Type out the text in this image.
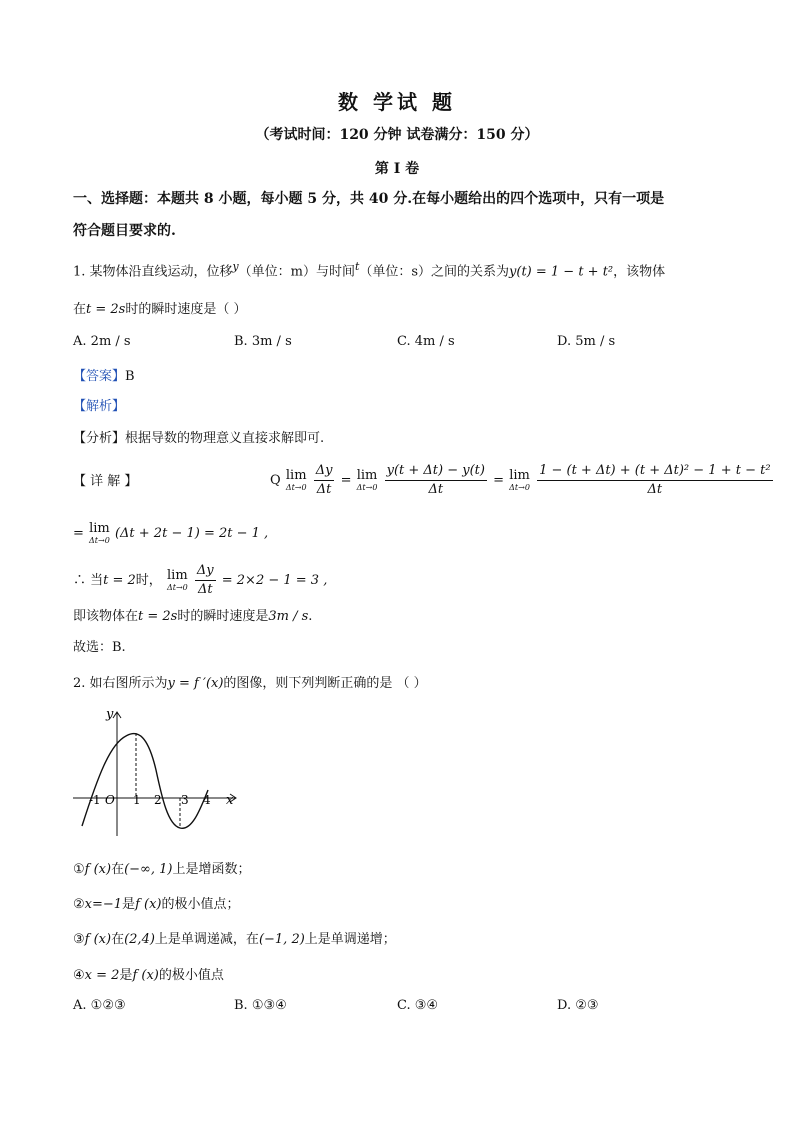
数 学试 题
（考试时间：120 分钟 试卷满分：150 分）
第 I 卷
一、选择题：本题共 8 小题，每小题 5 分，共 40 分.在每小题给出的四个选项中，只有一项是
符合题目要求的.
1. 某物体沿直线运动，位移$^y$（单位：m）与时间$^t$（单位：s）之间的关系为y(t) = 1 − t + t²，该物体
在t = 2s时的瞬时速度是（ ）
A. 2m / s	B. 3m / s	C. 4m / s	D. 5m / s
【答案】B
【解析】
【分析】根据导数的物理意义直接求解即可.
【 详 解 】	Q lim
Δt→0
$\frac{\Delta y}{\Delta t} = \lim$
Δt→0
$\frac{y(t + \Delta t) - y(t)}{\Delta t} = \lim$
Δt→0
$\frac{\text{1 − (t + Δt) + (t + Δt)² − 1 + t − t²}}{\Delta t}$
= lim
Δt→0 (Δt + 2t − 1) = 2t − 1 ,
∴ 当t = 2时， lim
Δt→0
$\frac{\Delta y}{\Delta t} = 2\times 2 - 1 = 3$ ,
即该物体在t = 2s时的瞬时速度是3m / s.
故选：B.
2. 如右图所示为y = f ′(x)的图像，则下列判断正确的是 （ ）
y
x
-1 O 1 2 3 4
①f (x)在(−∞, 1)上是增函数；
②x=−1是f (x)的极小值点；
③f (x)在(2,4)上是单调递减，在(−1, 2)上是单调递增；
④x = 2是f (x)的极小值点
A. ①②③	B. ①③④	C. ③④	D. ②③
